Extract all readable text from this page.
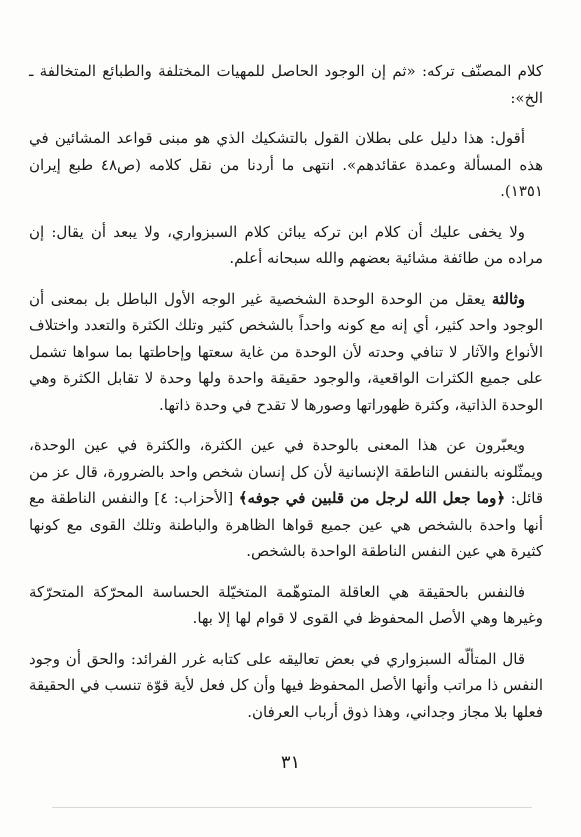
كلام المصنّف تركه: «ثم إن الوجود الحاصل للمهيات المختلفة والطبائع المتخالفة ـ الخ»:

أقول: هذا دليل على بطلان القول بالتشكيك الذي هو مبنى قواعد المشائين في هذه المسألة وعمدة عقائدهم». انتهى ما أردنا من نقل كلامه (ص٤٨ طبع إيران ١٣٥١).

ولا يخفى عليك أن كلام ابن تركه يبائن كلام السبزواري، ولا يبعد أن يقال: إن مراده من طائفة مشائية بعضهم والله سبحانه أعلم.

وثالثة يعقل من الوحدة الوحدة الشخصية غير الوجه الأول الباطل بل بمعنى أن الوجود واحد كثير، أي إنه مع كونه واحداً بالشخص كثير وتلك الكثرة والتعدد واختلاف الأنواع والآثار لا تنافي وحدته لأن الوحدة من غاية سعتها وإحاطتها بما سواها تشمل على جميع الكثرات الواقعية، والوجود حقيقة واحدة ولها وحدة لا تقابل الكثرة وهي الوحدة الذاتية، وكثرة ظهوراتها وصورها لا تقدح في وحدة ذاتها.

ويعبّرون عن هذا المعنى بالوحدة في عين الكثرة، والكثرة في عين الوحدة، ويمثّلونه بالنفس الناطقة الإنسانية لأن كل إنسان شخص واحد بالضرورة، قال عز من قائل: ﴿وما جعل الله لرجل من قلبين في جوفه﴾ [الأحزاب: ٤] والنفس الناطقة مع أنها واحدة بالشخص هي عين جميع قواها الظاهرة والباطنة وتلك القوى مع كونها كثيرة هي عين النفس الناطقة الواحدة بالشخص.

فالنفس بالحقيقة هي العاقلة المتوهّمة المتخيّلة الحساسة المحرّكة المتحرّكة وغيرها وهي الأصل المحفوظ في القوى لا قوام لها إلا بها.

قال المتألّه السبزواري في بعض تعاليقه على كتابه غرر الفرائد: والحق أن وجود النفس ذا مراتب وأنها الأصل المحفوظ فيها وأن كل فعل لأية قوّة تنسب في الحقيقة فعلها بلا مجاز وجداني، وهذا ذوق أرباب العرفان.

٣١
